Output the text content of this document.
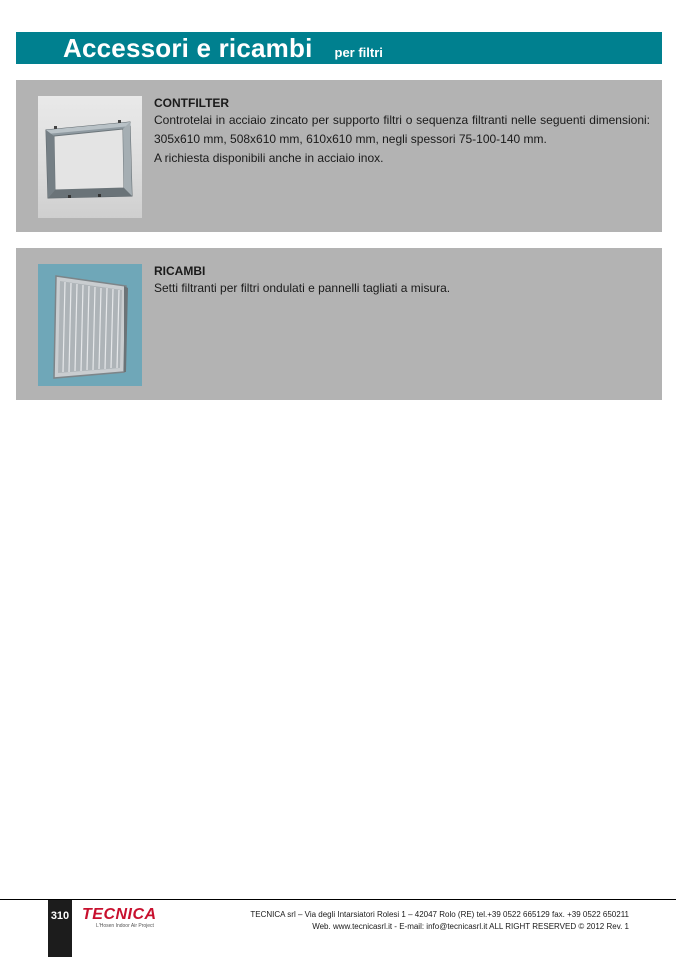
Accessori e ricambi per filtri
CONTFILTER
Controtelai in acciaio zincato per supporto filtri o sequenza filtranti nelle seguenti dimensioni: 305x610 mm, 508x610 mm, 610x610 mm, negli spessori 75-100-140 mm.
A richiesta disponibili anche in acciaio inox.
RICAMBI
Setti filtranti per filtri ondulati e pannelli tagliati a misura.
310 TECNICA
L'Hosen Indoor Air Project
TECNICA srl – Via degli Intarsiatori Rolesi 1 – 42047 Rolo (RE) tel.+39 0522 665129 fax. +39 0522 650211
Web. www.tecnicasrl.it - E-mail: info@tecnicasrl.it ALL RIGHT RESERVED © 2012 Rev. 1
